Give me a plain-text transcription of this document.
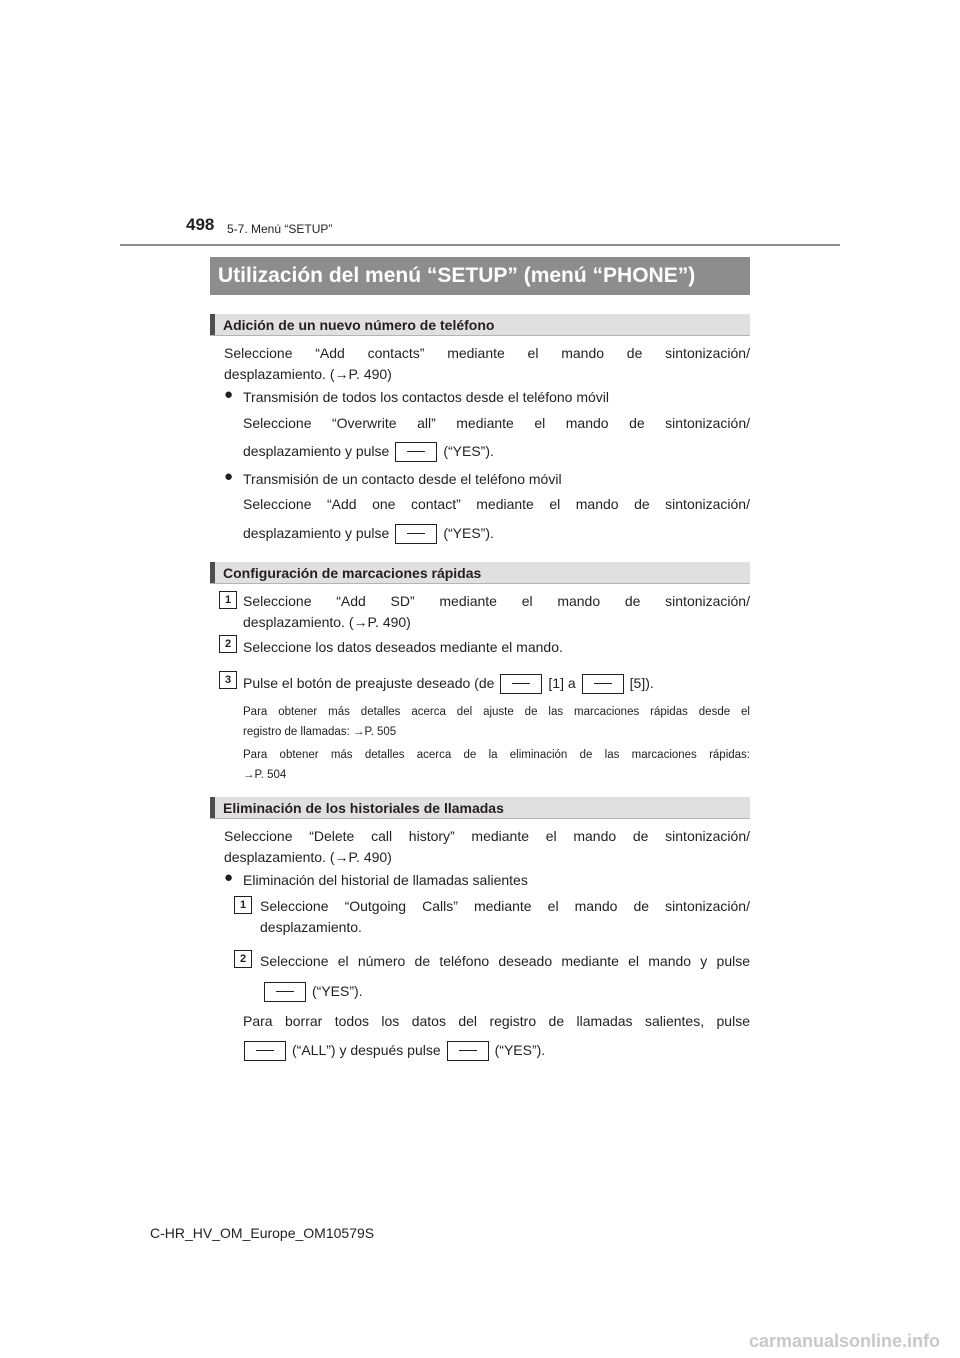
498 5-7. Menú “SETUP”
Utilización del menú “SETUP” (menú “PHONE”)
Adición de un nuevo número de teléfono
Seleccione “Add contacts” mediante el mando de sintonización/
desplazamiento. (→P. 490)
● Transmisión de todos los contactos desde el teléfono móvil
Seleccione “Overwrite all” mediante el mando de sintonización/
desplazamiento y pulse	(“YES”).
● Transmisión de un contacto desde el teléfono móvil
Seleccione “Add one contact” mediante el mando de sintonización/
desplazamiento y pulse	(“YES”).
Configuración de marcaciones rápidas
1 Seleccione “Add SD” mediante el mando de sintonización/
desplazamiento. (→P. 490)
2 Seleccione los datos deseados mediante el mando.
3 Pulse el botón de preajuste deseado (de	[1] a	[5]).
Para obtener más detalles acerca del ajuste de las marcaciones rápidas desde el
registro de llamadas: →P. 505
Para obtener más detalles acerca de la eliminación de las marcaciones rápidas:
→P. 504
Eliminación de los historiales de llamadas
Seleccione “Delete call history” mediante el mando de sintonización/
desplazamiento. (→P. 490)
● Eliminación del historial de llamadas salientes
1 Seleccione “Outgoing Calls” mediante el mando de sintonización/
desplazamiento.
2 Seleccione el número de teléfono deseado mediante el mando y pulse
(“YES”).
Para borrar todos los datos del registro de llamadas salientes, pulse
(“ALL”) y después pulse	(“YES”).
C-HR_HV_OM_Europe_OM10579S
carmanualsonline.info
